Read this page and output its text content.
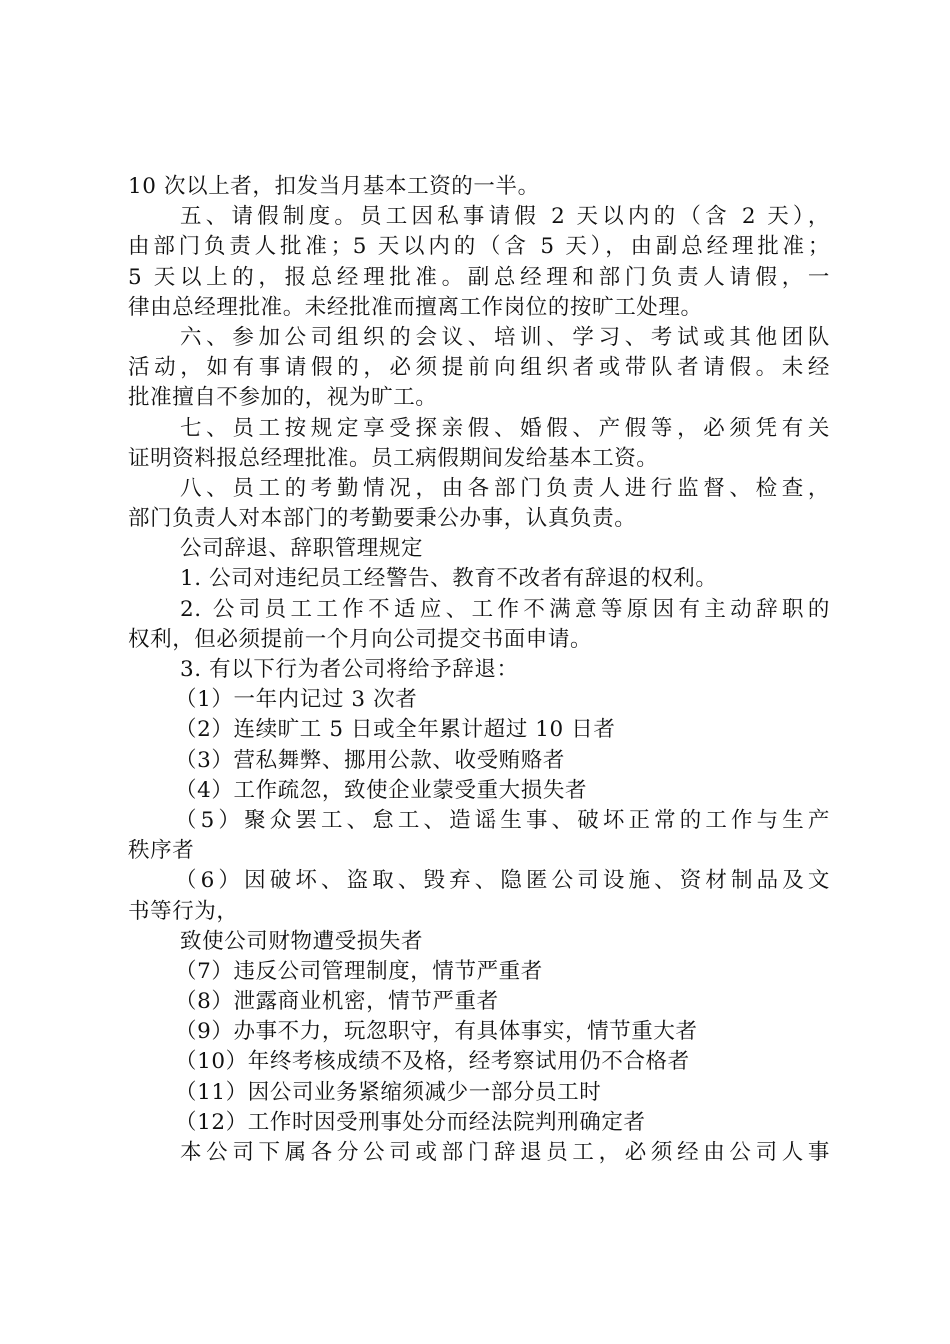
10 次以上者，扣发当月基本工资的一半。
五、请假制度。员工因私事请假 2 天以内的（含 2 天），
由部门负责人批准；5 天以内的（含 5 天），由副总经理批准；
5 天以上的，报总经理批准。副总经理和部门负责人请假，一
律由总经理批准。未经批准而擅离工作岗位的按旷工处理。
六、参加公司组织的会议、培训、学习、考试或其他团队
活动，如有事请假的，必须提前向组织者或带队者请假。未经
批准擅自不参加的，视为旷工。
七、员工按规定享受探亲假、婚假、产假等，必须凭有关
证明资料报总经理批准。员工病假期间发给基本工资。
八、员工的考勤情况，由各部门负责人进行监督、检查，
部门负责人对本部门的考勤要秉公办事，认真负责。
公司辞退、辞职管理规定
1. 公司对违纪员工经警告、教育不改者有辞退的权利。
2. 公司员工工作不适应、工作不满意等原因有主动辞职的
权利，但必须提前一个月向公司提交书面申请。
3. 有以下行为者公司将给予辞退：
（1）一年内记过 3 次者
（2）连续旷工 5 日或全年累计超过 10 日者
（3）营私舞弊、挪用公款、收受贿赂者
（4）工作疏忽，致使企业蒙受重大损失者
（5）聚众罢工、怠工、造谣生事、破坏正常的工作与生产
秩序者
（6）因破坏、盗取、毁弃、隐匿公司设施、资材制品及文
书等行为，
致使公司财物遭受损失者
（7）违反公司管理制度，情节严重者
（8）泄露商业机密，情节严重者
（9）办事不力，玩忽职守，有具体事实，情节重大者
（10）年终考核成绩不及格，经考察试用仍不合格者
（11）因公司业务紧缩须减少一部分员工时
（12）工作时因受刑事处分而经法院判刑确定者
本公司下属各分公司或部门辞退员工，必须经由公司人事
